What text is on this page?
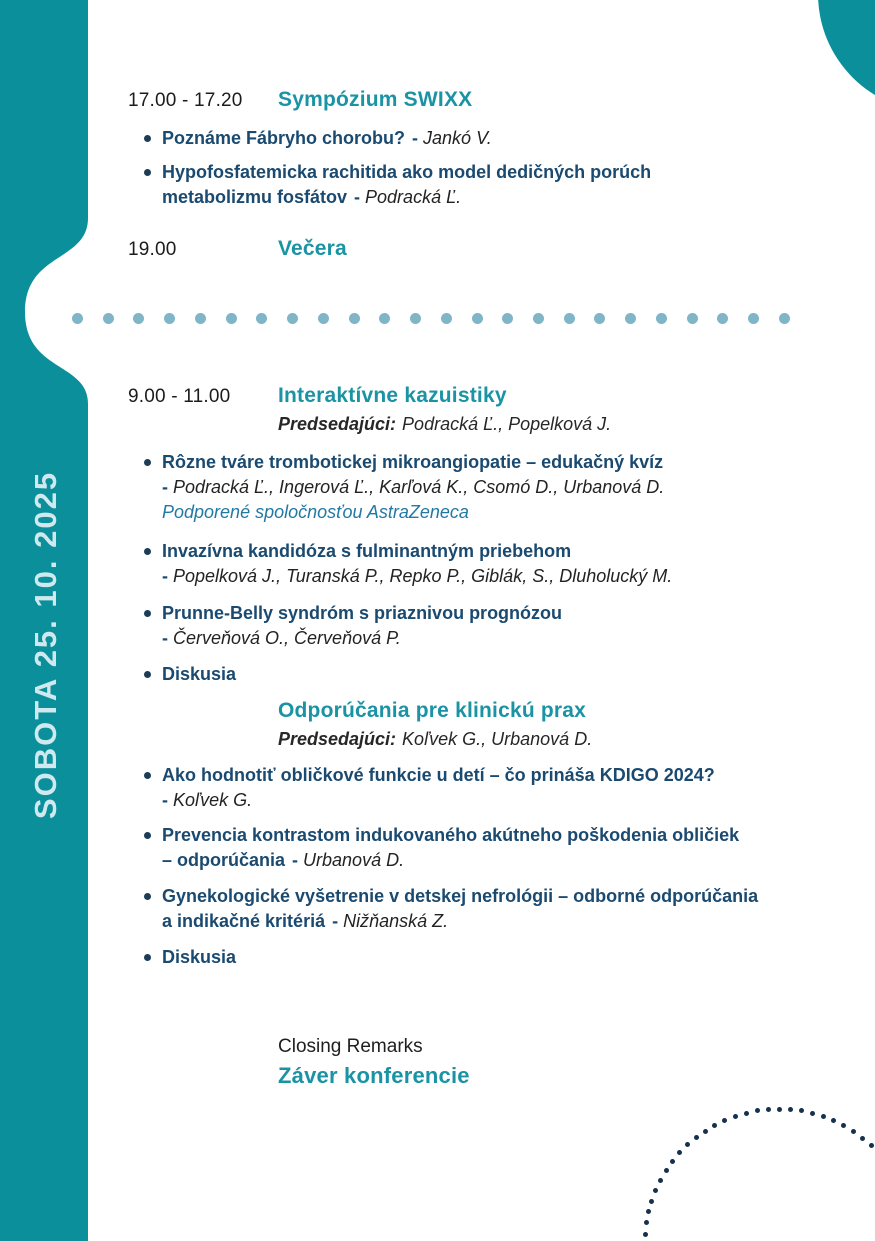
SOBOTA 25. 10. 2025
17.00 - 17.20	Sympózium SWIXX
Poznáme Fábryho chorobu? - Jankó V.
Hypofosfatemicka rachitida ako model dedičných porúch
metabolizmu fosfátov - Podracká Ľ.
19.00	Večera
9.00 - 11.00	Interaktívne kazuistiky
Predsedajúci: Podracká Ľ., Popelková J.
Rôzne tváre trombotickej mikroangiopatie – edukačný kvíz
- Podracká Ľ., Ingerová Ľ., Karľová K., Csomó D., Urbanová D.
Podporené spoločnosťou AstraZeneca
Invazívna kandidóza s fulminantným priebehom
- Popelková J., Turanská P., Repko P., Giblák, S., Dluholucký M.
Prunne-Belly syndróm s priaznivou prognózou
- Červeňová O., Červeňová P.
Diskusia
Odporúčania pre klinickú prax
Predsedajúci: Koľvek G., Urbanová D.
Ako hodnotiť obličkové funkcie u detí – čo prináša KDIGO 2024?
- Koľvek G.
Prevencia kontrastom indukovaného akútneho poškodenia obličiek
– odporúčania - Urbanová D.
Gynekologické vyšetrenie v detskej nefrológii – odborné odporúčania
a indikačné kritériá - Nižňanská Z.
Diskusia
Closing Remarks
Záver konferencie
